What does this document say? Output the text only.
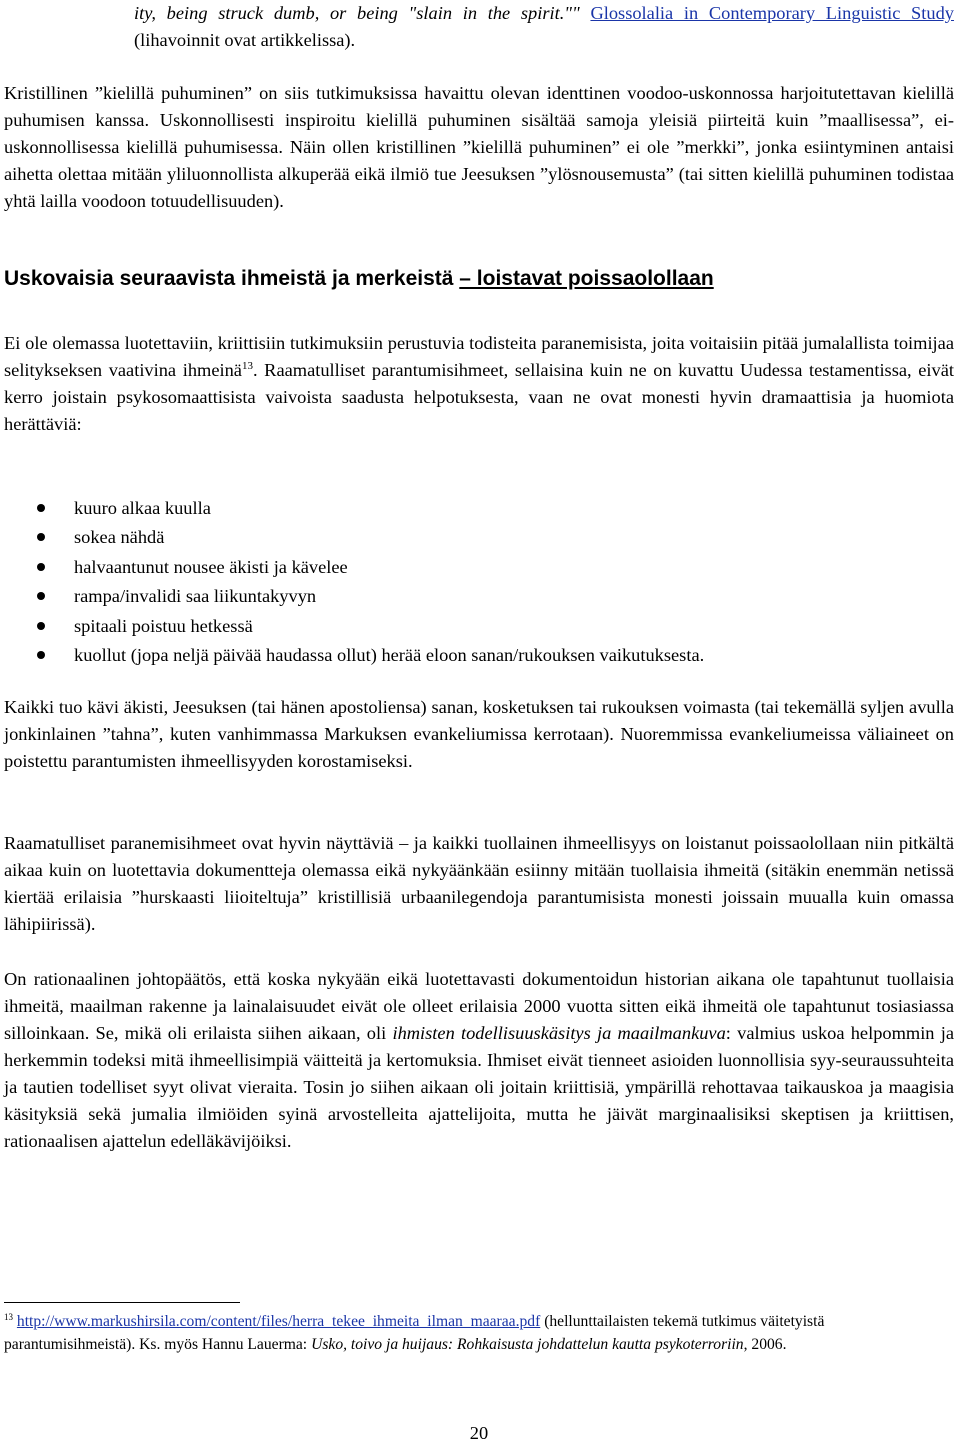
ity, being struck dumb, or being "slain in the spirit."" Glossolalia in Contemporary Linguistic Study (lihavoinnit ovat artikkelissa).

Kristillinen ”kielillä puhuminen” on siis tutkimuksissa havaittu olevan identtinen voodoo-uskonnossa harjoitutettavan kielillä puhumisen kanssa. Uskonnollisesti inspiroitu kielillä puhuminen sisältää samoja yleisiä piirteitä kuin ”maallisessa”, ei-uskonnollisessa kielillä puhumisessa. Näin ollen kristillinen ”kielillä puhuminen” ei ole ”merkki”, jonka esiintyminen antaisi aihetta olettaa mitään yliluonnollista alkuperää eikä ilmiö tue Jeesuksen ”ylösnousemusta” (tai sitten kielillä puhuminen todistaa yhtä lailla voodoon totuudellisuuden).

Uskovaisia seuraavista ihmeistä ja merkeistä – loistavat poissaolollaan

Ei ole olemassa luotettaviin, kriittisiin tutkimuksiin perustuvia todisteita paranemisista, joita voitaisiin pitää jumalallista toimijaa selitykseksen vaativina ihmeinä$^{13}$. Raamatulliset parantumisihmeet, sellaisina kuin ne on kuvattu Uudessa testamentissa, eivät kerro joistain psykosomaattisista vaivoista saadusta helpotuksesta, vaan ne ovat monesti hyvin dramaattisia ja huomiota herättäviä:

kuuro alkaa kuulla
sokea nähdä
halvaantunut nousee äkisti ja kävelee
rampa/invalidi saa liikuntakyvyn
spitaali poistuu hetkessä
kuollut (jopa neljä päivää haudassa ollut) herää eloon sanan/rukouksen vaikutuksesta.

Kaikki tuo kävi äkisti, Jeesuksen (tai hänen apostoliensa) sanan, kosketuksen tai rukouksen voimasta (tai tekemällä syljen avulla jonkinlainen ”tahna”, kuten vanhimmassa Markuksen evankeliumissa kerrotaan). Nuoremmissa evankeliumeissa väliaineet on poistettu parantumisten ihmeellisyyden korostamiseksi.

Raamatulliset paranemisihmeet ovat hyvin näyttäviä – ja kaikki tuollainen ihmeellisyys on loistanut poissaolollaan niin pitkältä aikaa kuin on luotettavia dokumentteja olemassa eikä nykyäänkään esiinny mitään tuollaisia ihmeitä (sitäkin enemmän netissä kiertää erilaisia ”hurskaasti liioiteltuja” kristillisiä urbaanilegendoja parantumisista monesti joissain muualla kuin omassa lähipiirissä).

On rationaalinen johtopäätös, että koska nykyään eikä luotettavasti dokumentoidun historian aikana ole tapahtunut tuollaisia ihmeitä, maailman rakenne ja lainalaisuudet eivät ole olleet erilaisia 2000 vuotta sitten eikä ihmeitä ole tapahtunut tosiasiassa silloinkaan. Se, mikä oli erilaista siihen aikaan, oli ihmisten todellisuuskäsitys ja maailmankuva: valmius uskoa helpommin ja herkemmin todeksi mitä ihmeellisimpiä väitteitä ja kertomuksia. Ihmiset eivät tienneet asioiden luonnollisia syy-seuraussuhteita ja tautien todelliset syyt olivat vieraita. Tosin jo siihen aikaan oli joitain kriittisiä, ympärillä rehottavaa taikauskoa ja maagisia käsityksiä sekä jumalia ilmiöiden syinä arvostelleita ajattelijoita, mutta he jäivät marginaalisiksi skeptisen ja kriittisen, rationaalisen ajattelun edelläkävijöiksi.

$^{13}$ http://www.markushirsila.com/content/files/herra_tekee_ihmeita_ilman_maaraa.pdf (hellunttailaisten tekemä tutkimus väitetyistä parantumisihmeistä). Ks. myös Hannu Lauerma: Usko, toivo ja huijaus: Rohkaisusta johdattelun kautta psykoterroriin, 2006.
20
